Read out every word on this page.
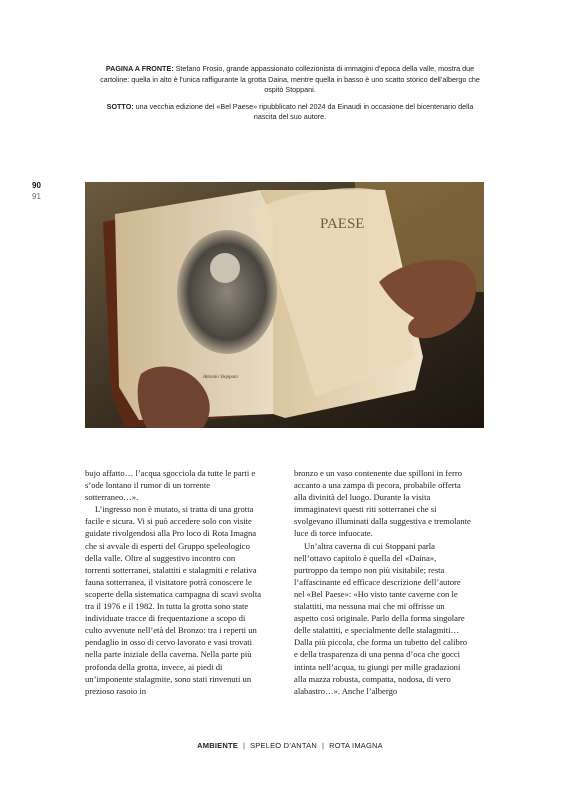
PAGINA A FRONTE: Stefano Frosio, grande appassionato collezionista di immagini d’epoca della valle, mostra due cartoline: quella in alto è l’unica raffigurante la grotta Daina, mentre quella in basso è uno scatto storico dell’albergo che ospitò Stoppani.

SOTTO: una vecchia edizione del «Bel Paese» ripubblicato nel 2024 da Einaudi in occasione del bicentenario della nascita del suo autore.

90
91
PAESE
Antonio Stoppani

bujo affatto… l’acqua sgocciola da tutte le parti e s’ode lontano il rumor di un torrente sotterraneo…».

L’ingresso non è mutato, si tratta di una grotta facile e sicura. Vi si può accedere solo con visite guidate rivolgendosi alla Pro loco di Rota Imagna che si avvale di esperti del Gruppo speleologico della valle. Oltre al suggestivo incontro con torrenti sotterranei, stalattiti e stalagmiti e relativa fauna sotterranea, il visitatore potrà conoscere le scoperte della sistematica campagna di scavi svolta tra il 1976 e il 1982. In tutta la grotta sono state individuate tracce di frequentazione a scopo di culto avvenute nell’età del Bronzo: tra i reperti un pendaglio in osso di cervo lavorato e vasi trovati nella parte iniziale della caverna. Nella parte più profonda della grotta, invece, ai piedi di un’imponente stalagmite, sono stati rinvenuti un prezioso rasoio in

bronzo e un vaso contenente due spilloni in ferro accanto a una zampa di pecora, probabile offerta alla divinità del luogo. Durante la visita immaginatevi questi riti sotterranei che si svolgevano illuminati dalla suggestiva e tremolante luce di torce infuocate.

Un’altra caverna di cui Stoppani parla nell’ottavo capitolo è quella del «Daina», purtroppo da tempo non più visitabile; resta l’affascinante ed efficace descrizione dell’autore nel «Bel Paese»: «Ho visto tante caverne con le stalattiti, ma nessuna mai che mi offrisse un aspetto così originale. Parlo della forma singolare delle stalattiti, e specialmente delle stalagmiti… Dalla più piccola, che forma un tubetto del calibro e della trasparenza di una penna d’oca che gocci intinta nell’acqua, tu giungi per mille gradazioni alla mazza robusta, compatta, nodosa, di vero alabastro…». Anche l’albergo

AMBIENTE | SPELEO D’ANTAN | ROTA IMAGNA
